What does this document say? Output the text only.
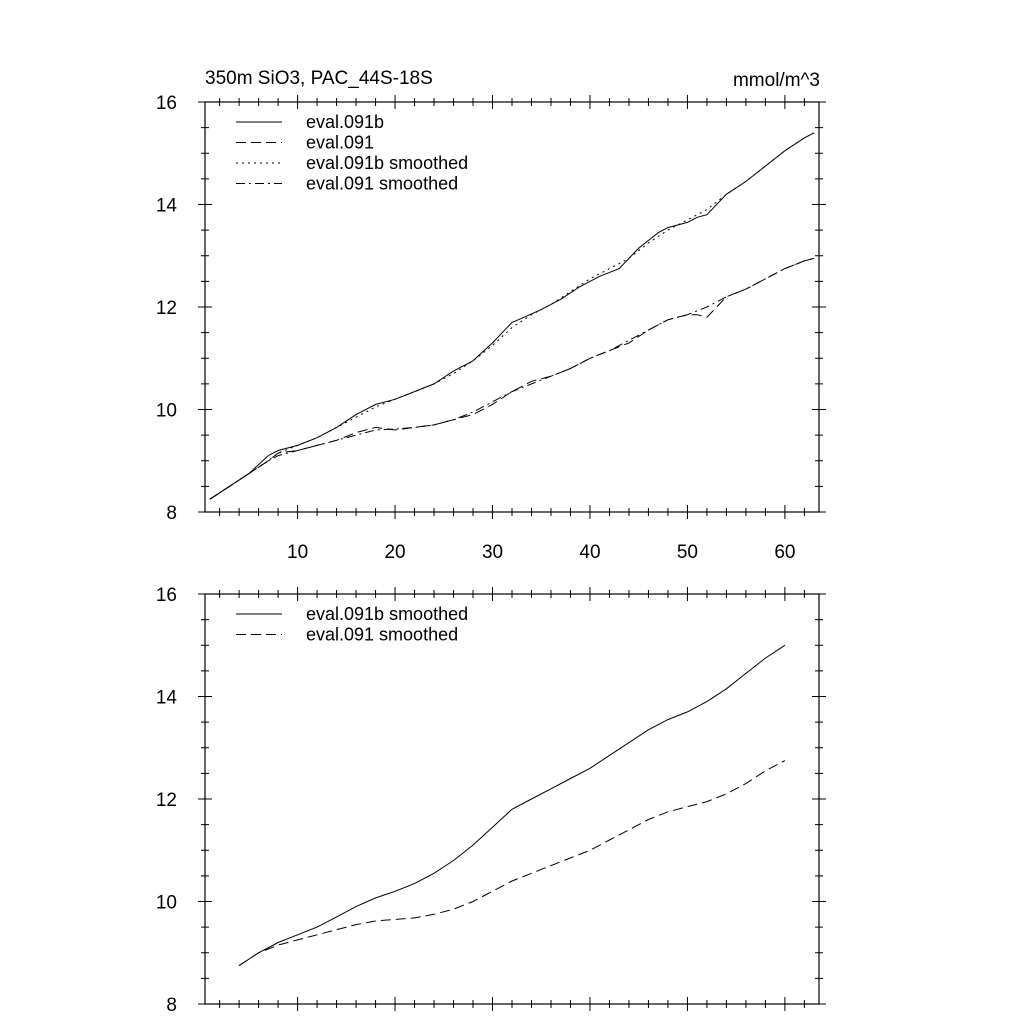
350m SiO3, PAC_44S-18S	mmol/m^3
8
10
12
14
16
10	20	30	40	50	60
eval.091b
eval.091
eval.091b smoothed
eval.091 smoothed
8
10
12
14
16
eval.091b smoothed
eval.091 smoothed
